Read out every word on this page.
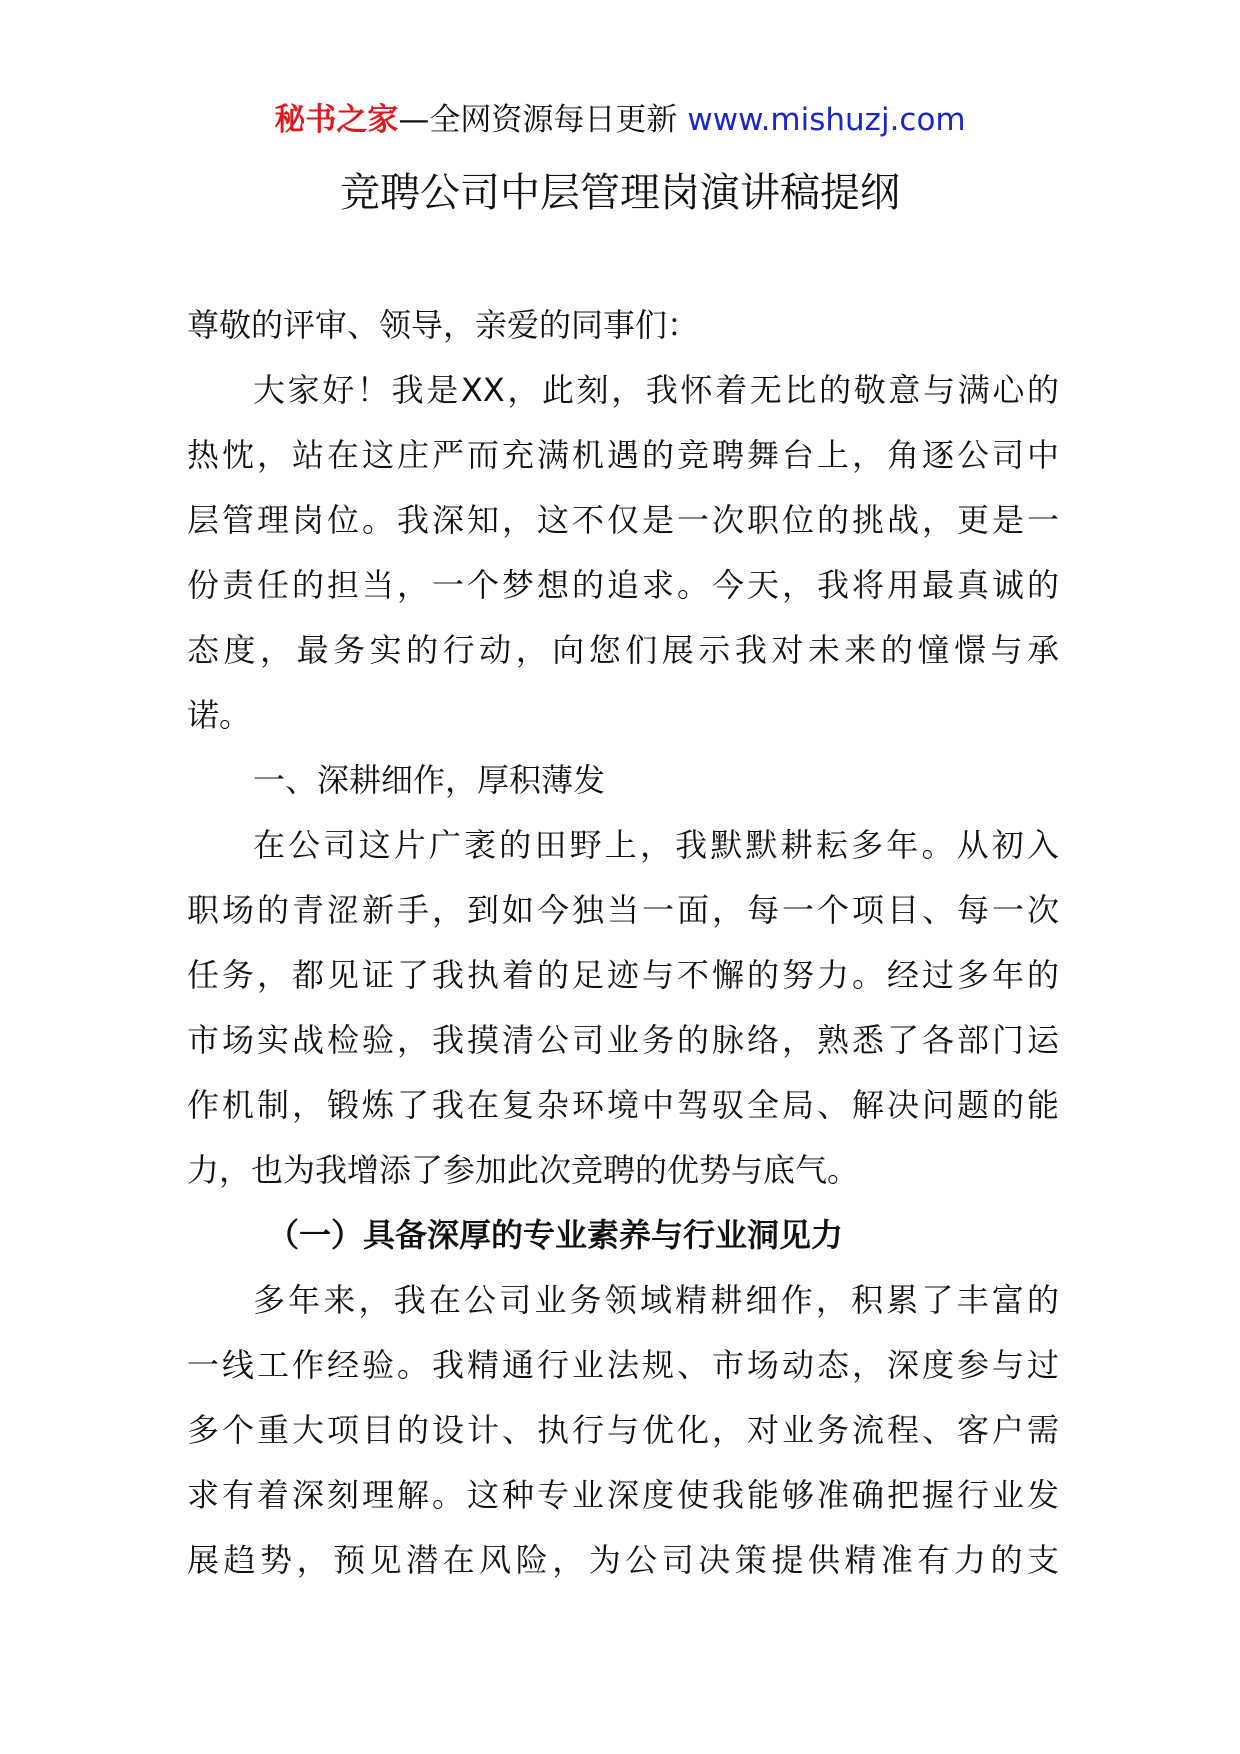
秘书之家—全网资源每日更新 www.mishuzj.com
竞聘公司中层管理岗演讲稿提纲
尊敬的评审、领导，亲爱的同事们：
大家好！我是XX，此刻，我怀着无比的敬意与满心的
热忱，站在这庄严而充满机遇的竞聘舞台上，角逐公司中
层管理岗位。我深知，这不仅是一次职位的挑战，更是一
份责任的担当，一个梦想的追求。今天，我将用最真诚的
态度，最务实的行动，向您们展示我对未来的憧憬与承
诺。
一、深耕细作，厚积薄发
在公司这片广袤的田野上，我默默耕耘多年。从初入
职场的青涩新手，到如今独当一面，每一个项目、每一次
任务，都见证了我执着的足迹与不懈的努力。经过多年的
市场实战检验，我摸清公司业务的脉络，熟悉了各部门运
作机制，锻炼了我在复杂环境中驾驭全局、解决问题的能
力，也为我增添了参加此次竞聘的优势与底气。
（一）具备深厚的专业素养与行业洞见力
多年来，我在公司业务领域精耕细作，积累了丰富的
一线工作经验。我精通行业法规、市场动态，深度参与过
多个重大项目的设计、执行与优化，对业务流程、客户需
求有着深刻理解。这种专业深度使我能够准确把握行业发
展趋势，预见潜在风险，为公司决策提供精准有力的支
